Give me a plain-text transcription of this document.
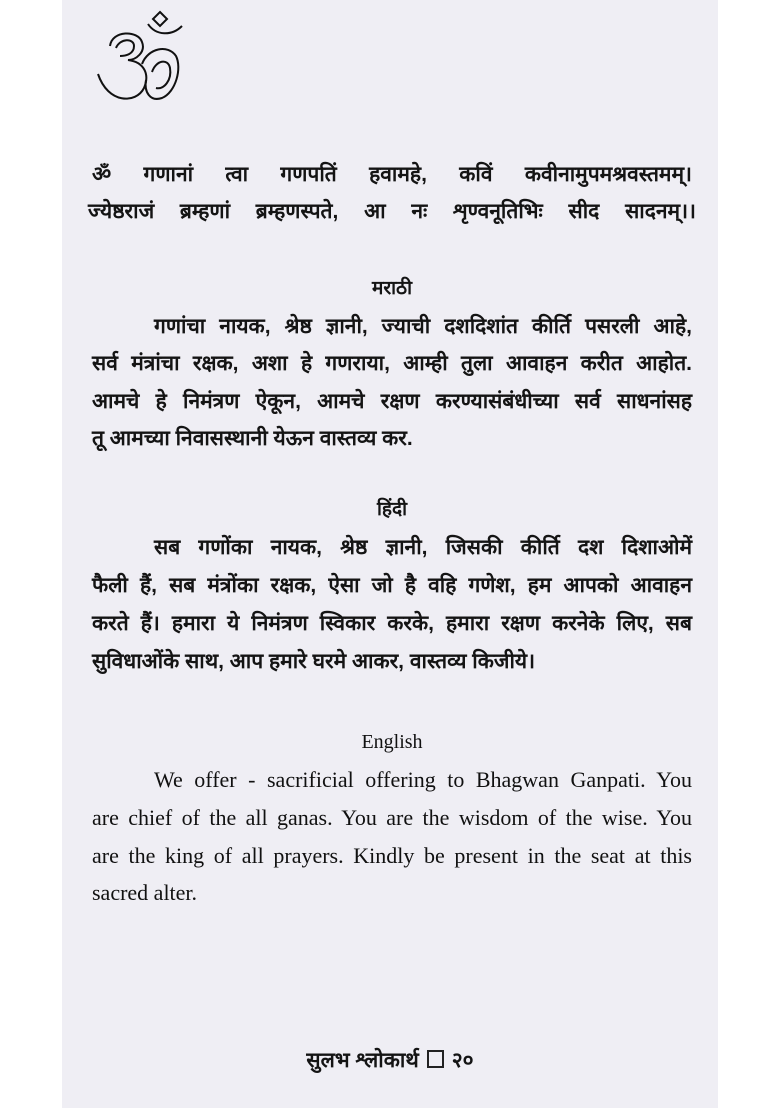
ॐ गणानां त्वा गणपतिं हवामहे, कविं कवीनामुपमश्रवस्तमम्।
ज्येष्ठराजं ब्रम्हणां ब्रम्हणस्पते, आ नः शृण्वनूतिभिः सीद सादनम्।।
मराठी
गणांचा नायक, श्रेष्ठ ज्ञानी, ज्याची दशदिशांत कीर्ति पसरली आहे,
सर्व मंत्रांचा रक्षक, अशा हे गणराया, आम्ही तुला आवाहन करीत आहोत.
आमचे हे निमंत्रण ऐकून, आमचे रक्षण करण्यासंबंधीच्या सर्व साधनांसह
तू आमच्या निवासस्थानी येऊन वास्तव्य कर.
हिंदी
सब गणोंका नायक, श्रेष्ठ ज्ञानी, जिसकी कीर्ति दश दिशाओमें
फैली हैं, सब मंत्रोंका रक्षक, ऐसा जो है वहि गणेश, हम आपको आवाहन
करते हैं। हमारा ये निमंत्रण स्विकार करके, हमारा रक्षण करनेके लिए, सब
सुविधाओंके साथ, आप हमारे घरमे आकर, वास्तव्य किजीये।
English
We offer - sacrificial offering to Bhagwan Ganpati. You
are chief of the all ganas. You are the wisdom of the wise. You
are the king of all prayers. Kindly be present in the seat at this
sacred alter.
सुलभ श्लोकार्थ २०
